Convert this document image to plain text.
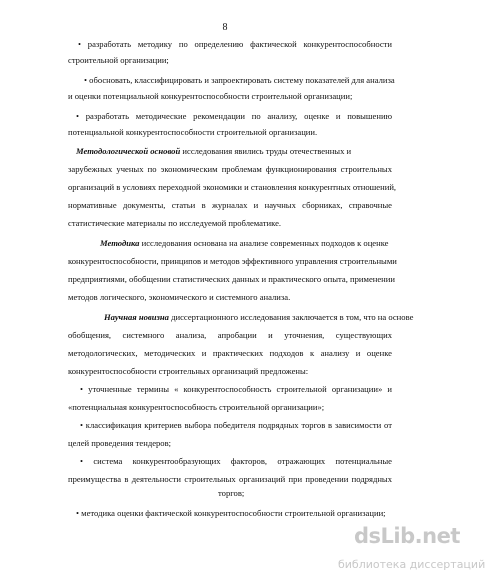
8
• разработать методику по определению фактической конкурентоспособности
строительной организации;
• обосновать, классифицировать и запроектировать систему показателей для анализа
и оценки потенциальной конкурентоспособности строительной организации;
• разработать методические рекомендации по анализу, оценке и повышению
потенциальной конкурентоспособности строительной организации.
Методологической основой исследования явились труды отечественных и
зарубежных ученых по экономическим проблемам функционирования строительных
организаций в условиях переходной экономики и становления конкурентных отношений,
нормативные документы, статьи в журналах и научных сборниках, справочные
статистические материалы по исследуемой проблематике.
Методика исследования основана на анализе современных подходов к оценке
конкурентоспособности, принципов и методов эффективного управления строительными
предприятиями, обобщении статистических данных и практического опыта, применении
методов логического, экономического и системного анализа.
Научная новизна диссертационного исследования заключается в том, что на основе
обобщения, системного анализа, апробации и уточнения, существующих
методологических, методических и практических подходов к анализу и оценке
конкурентоспособности строительных организаций предложены:
• уточненные термины « конкурентоспособность строительной организации» и
«потенциальная конкурентоспособность строительной организации»;
• классификация критериев выбора победителя подрядных торгов в зависимости от
целей проведения тендеров;
• система конкурентообразующих факторов, отражающих потенциальные
преимущества в деятельности строительных организаций при проведении подрядных
торгов;
• методика оценки фактической конкурентоспособности строительной организации;
dsLib.net
библиотека диссертаций
